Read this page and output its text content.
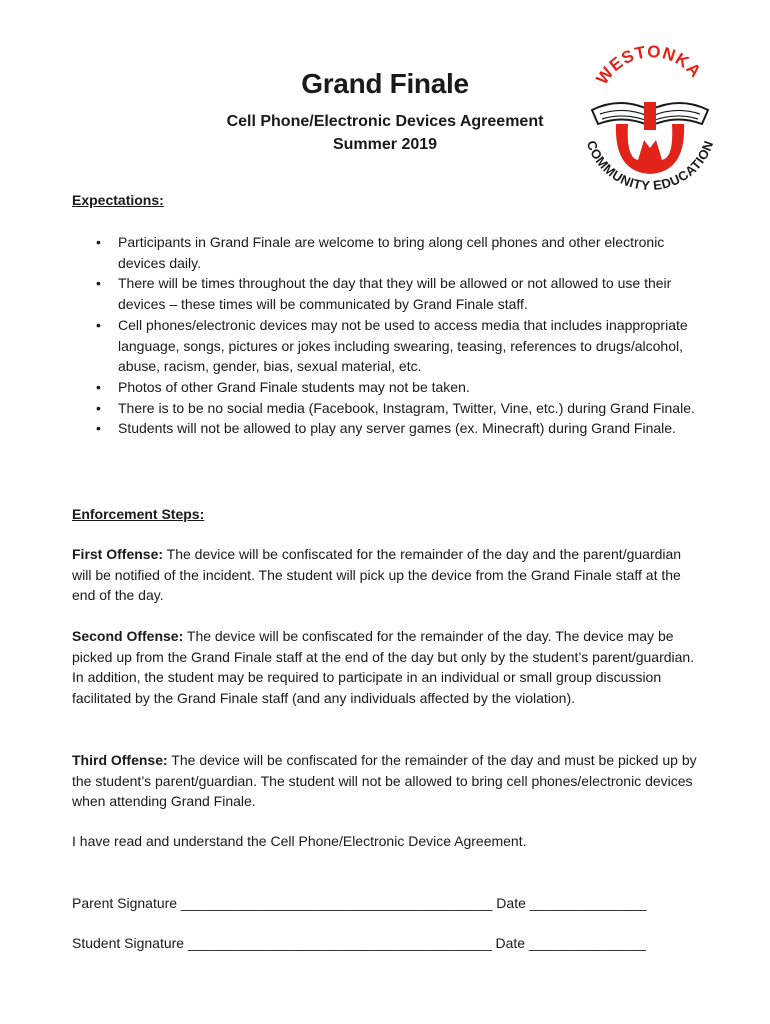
Grand Finale
Cell Phone/Electronic Devices Agreement
Summer 2019
WESTONKA
COMMUNITY EDUCATION
Expectations:
• Participants in Grand Finale are welcome to bring along cell phones and other electronic devices daily.
• There will be times throughout the day that they will be allowed or not allowed to use their devices – these times will be communicated by Grand Finale staff.
• Cell phones/electronic devices may not be used to access media that includes inappropriate language, songs, pictures or jokes including swearing, teasing, references to drugs/alcohol, abuse, racism, gender, bias, sexual material, etc.
• Photos of other Grand Finale students may not be taken.
• There is to be no social media (Facebook, Instagram, Twitter, Vine, etc.) during Grand Finale.
• Students will not be allowed to play any server games (ex. Minecraft) during Grand Finale.
Enforcement Steps:
First Offense: The device will be confiscated for the remainder of the day and the parent/guardian will be notified of the incident. The student will pick up the device from the Grand Finale staff at the end of the day.
Second Offense: The device will be confiscated for the remainder of the day. The device may be picked up from the Grand Finale staff at the end of the day but only by the student’s parent/guardian. In addition, the student may be required to participate in an individual or small group discussion facilitated by the Grand Finale staff (and any individuals affected by the violation).
Third Offense: The device will be confiscated for the remainder of the day and must be picked up by the student’s parent/guardian. The student will not be allowed to bring cell phones/electronic devices when attending Grand Finale.
I have read and understand the Cell Phone/Electronic Device Agreement.
Parent Signature ________________________________________ Date _______________
Student Signature _______________________________________ Date _______________
